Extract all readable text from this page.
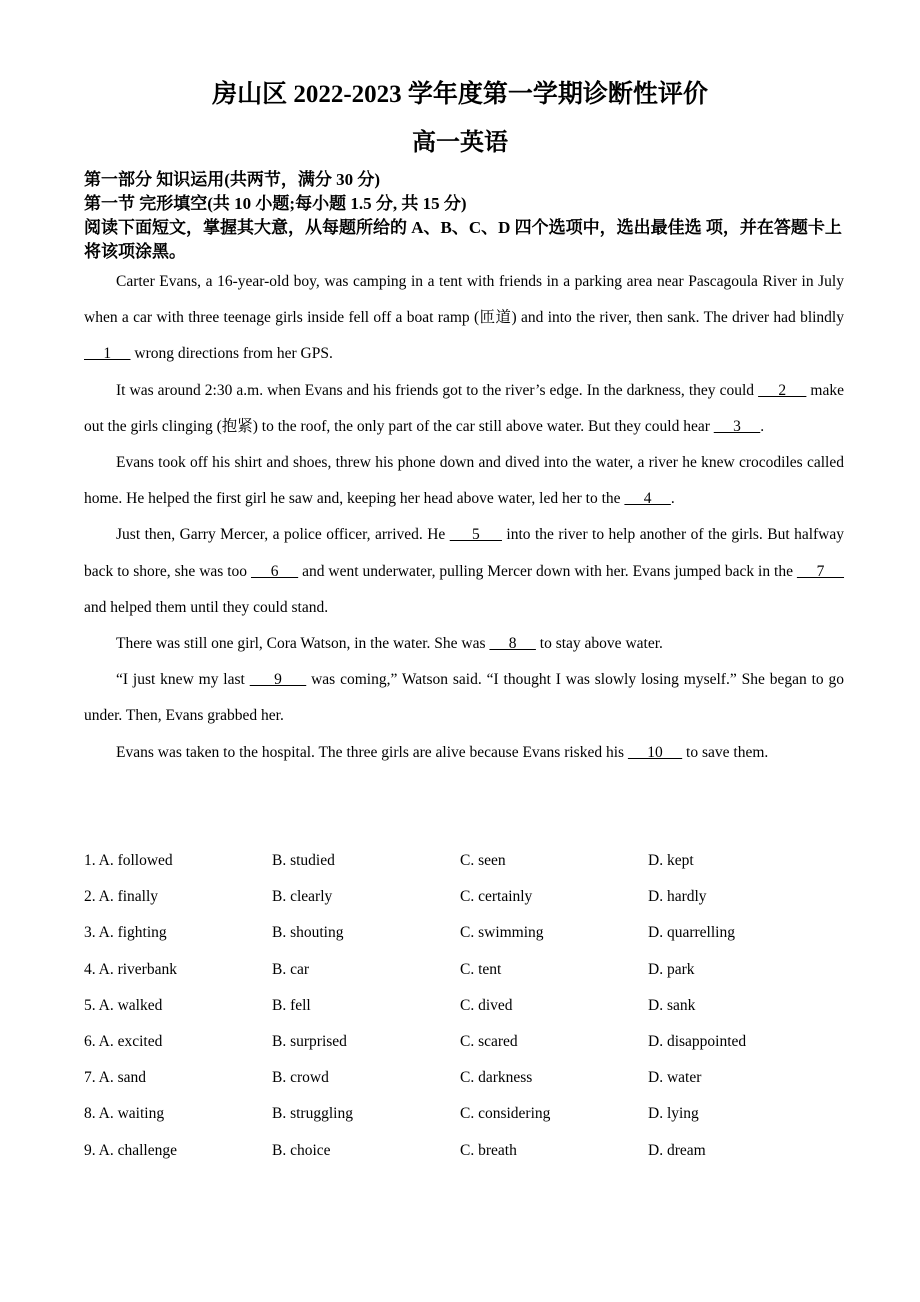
房山区 2022-2023 学年度第一学期诊断性评价
高一英语
第一部分 知识运用(共两节，满分 30 分)
第一节 完形填空(共 10 小题;每小题 1.5 分, 共 15 分)
阅读下面短文，掌握其大意，从每题所给的 A、B、C、D 四个选项中，选出最佳选 项，并在答题卡上将该项涂黑。

Carter Evans, a 16-year-old boy, was camping in a tent with friends in a parking area near Pascagoula River in July when a car with three teenage girls inside fell off a boat ramp (匝道) and into the river, then sank. The driver had blindly      1      wrong directions from her GPS.

It was around 2:30 a.m. when Evans and his friends got to the river’s edge. In the darkness, they could      2      make out the girls clinging (抱紧) to the roof, the only part of the car still above water. But they could hear      3     .

Evans took off his shirt and shoes, threw his phone down and dived into the water, a river he knew crocodiles called home. He helped the first girl he saw and, keeping her head above water, led her to the      4     .

Just then, Garry Mercer, a police officer, arrived. He      5      into the river to help another of the girls. But halfway back to shore, she was too      6      and went underwater, pulling Mercer down with her. Evans jumped back in the      7      and helped them until they could stand.

There was still one girl, Cora Watson, in the water. She was      8      to stay above water.

“I just knew my last      9      was coming,” Watson said. “I thought I was slowly losing myself.” She began to go under. Then, Evans grabbed her.

Evans was taken to the hospital. The three girls are alive because Evans risked his      10      to save them.

1. A. followed	B. studied	C. seen	D. kept
2. A. finally	B. clearly	C. certainly	D. hardly
3. A. fighting	B. shouting	C. swimming	D. quarrelling
4. A. riverbank	B. car	C. tent	D. park
5. A. walked	B. fell	C. dived	D. sank
6. A. excited	B. surprised	C. scared	D. disappointed
7. A. sand	B. crowd	C. darkness	D. water
8. A. waiting	B. struggling	C. considering	D. lying
9. A. challenge	B. choice	C. breath	D. dream
